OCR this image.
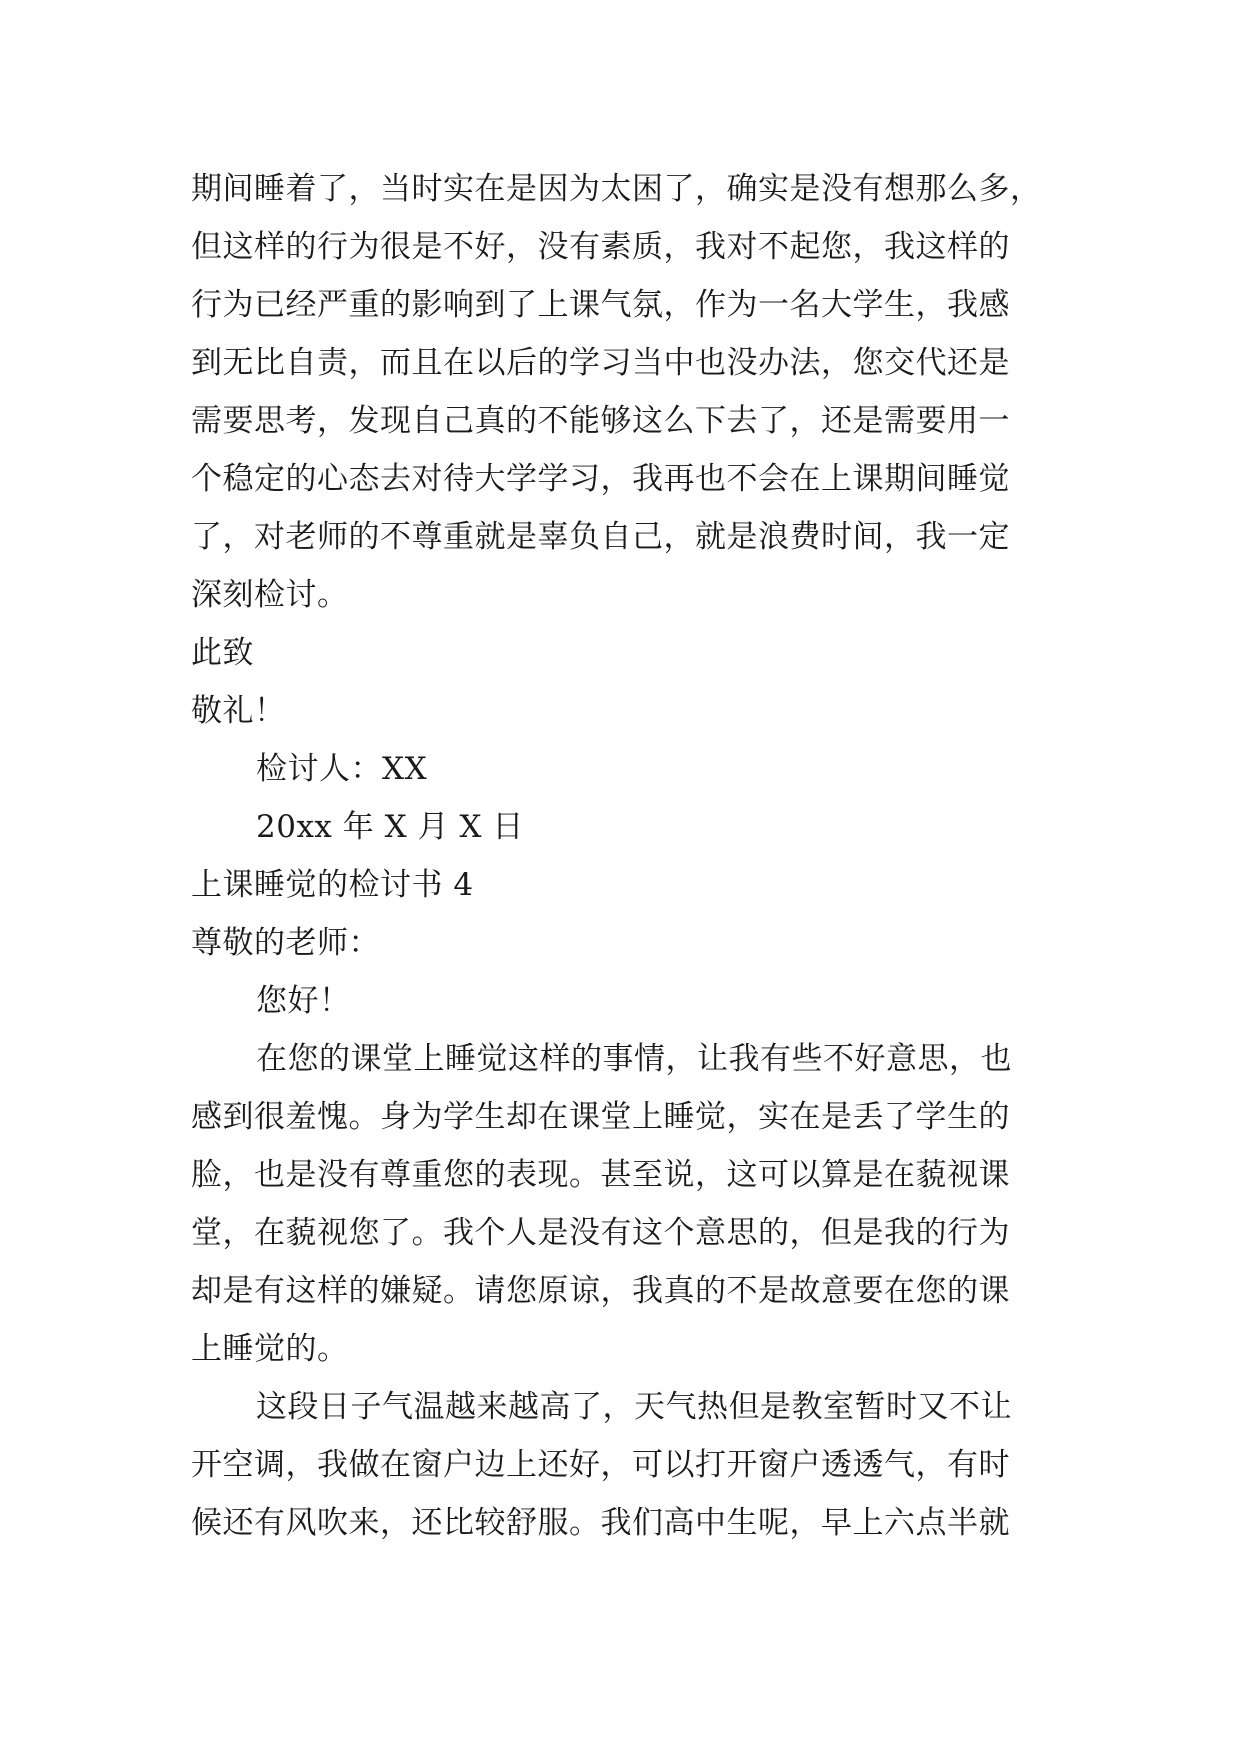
期间睡着了，当时实在是因为太困了，确实是没有想那么多，
但这样的行为很是不好，没有素质，我对不起您，我这样的
行为已经严重的影响到了上课气氛，作为一名大学生，我感
到无比自责，而且在以后的学习当中也没办法，您交代还是
需要思考，发现自己真的不能够这么下去了，还是需要用一
个稳定的心态去对待大学学习，我再也不会在上课期间睡觉
了，对老师的不尊重就是辜负自己，就是浪费时间，我一定
深刻检讨。
此致
敬礼！
检讨人：XX
20xx 年 X 月 X 日
上课睡觉的检讨书 4
尊敬的老师：
您好！
在您的课堂上睡觉这样的事情，让我有些不好意思，也
感到很羞愧。身为学生却在课堂上睡觉，实在是丢了学生的
脸，也是没有尊重您的表现。甚至说，这可以算是在藐视课
堂，在藐视您了。我个人是没有这个意思的，但是我的行为
却是有这样的嫌疑。请您原谅，我真的不是故意要在您的课
上睡觉的。
这段日子气温越来越高了，天气热但是教室暂时又不让
开空调，我做在窗户边上还好，可以打开窗户透透气，有时
候还有风吹来，还比较舒服。我们高中生呢，早上六点半就
